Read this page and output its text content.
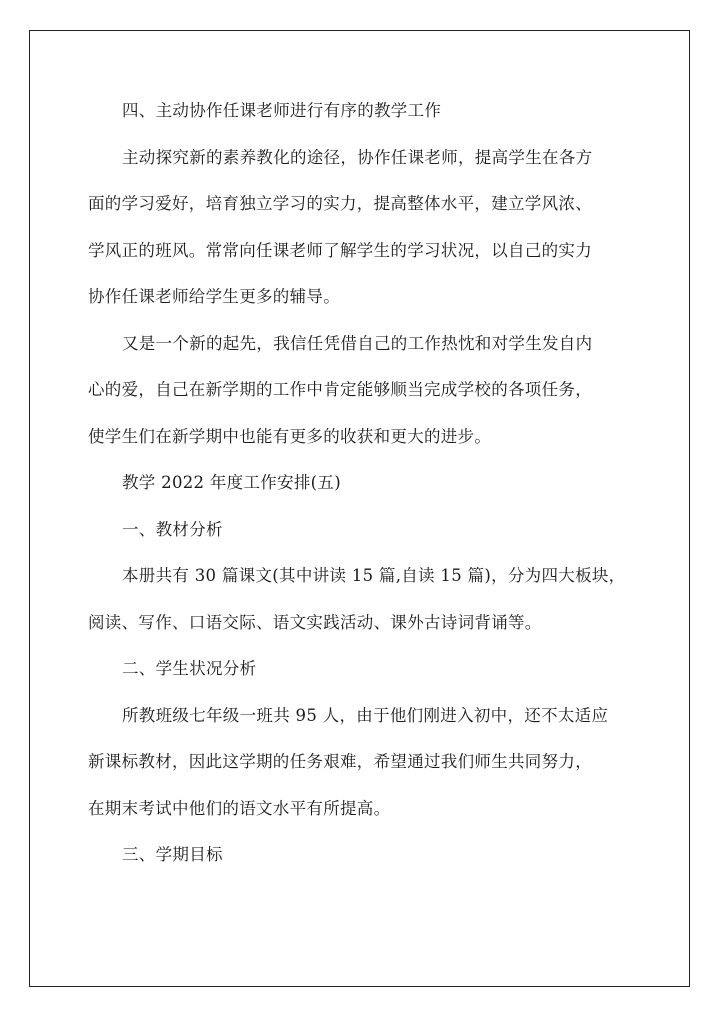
四、主动协作任课老师进行有序的教学工作
主动探究新的素养教化的途径，协作任课老师，提高学生在各方
面的学习爱好，培育独立学习的实力，提高整体水平，建立学风浓、
学风正的班风。常常向任课老师了解学生的学习状况，以自己的实力
协作任课老师给学生更多的辅导。
又是一个新的起先，我信任凭借自己的工作热忱和对学生发自内
心的爱，自己在新学期的工作中肯定能够顺当完成学校的各项任务，
使学生们在新学期中也能有更多的收获和更大的进步。
教学 2022 年度工作安排(五)
一、教材分析
本册共有 30 篇课文(其中讲读 15 篇,自读 15 篇)，分为四大板块，
阅读、写作、口语交际、语文实践活动、课外古诗词背诵等。
二、学生状况分析
所教班级七年级一班共 95 人，由于他们刚进入初中，还不太适应
新课标教材，因此这学期的任务艰难，希望通过我们师生共同努力，
在期末考试中他们的语文水平有所提高。
三、学期目标
